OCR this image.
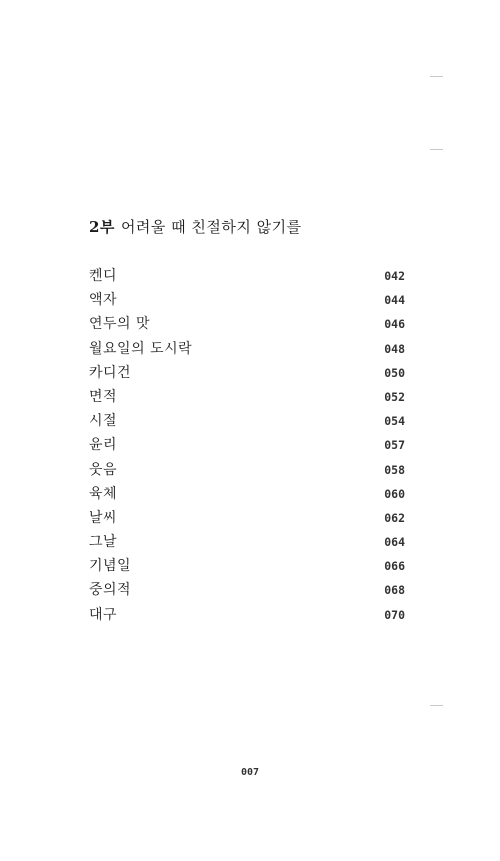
2부 어려울 때 친절하지 않기를
켄디	042
액자	044
연두의 맛	046
월요일의 도시락	048
카디건	050
면적	052
시절	054
윤리	057
웃음	058
육체	060
날씨	062
그날	064
기념일	066
중의적	068
대구	070
007
